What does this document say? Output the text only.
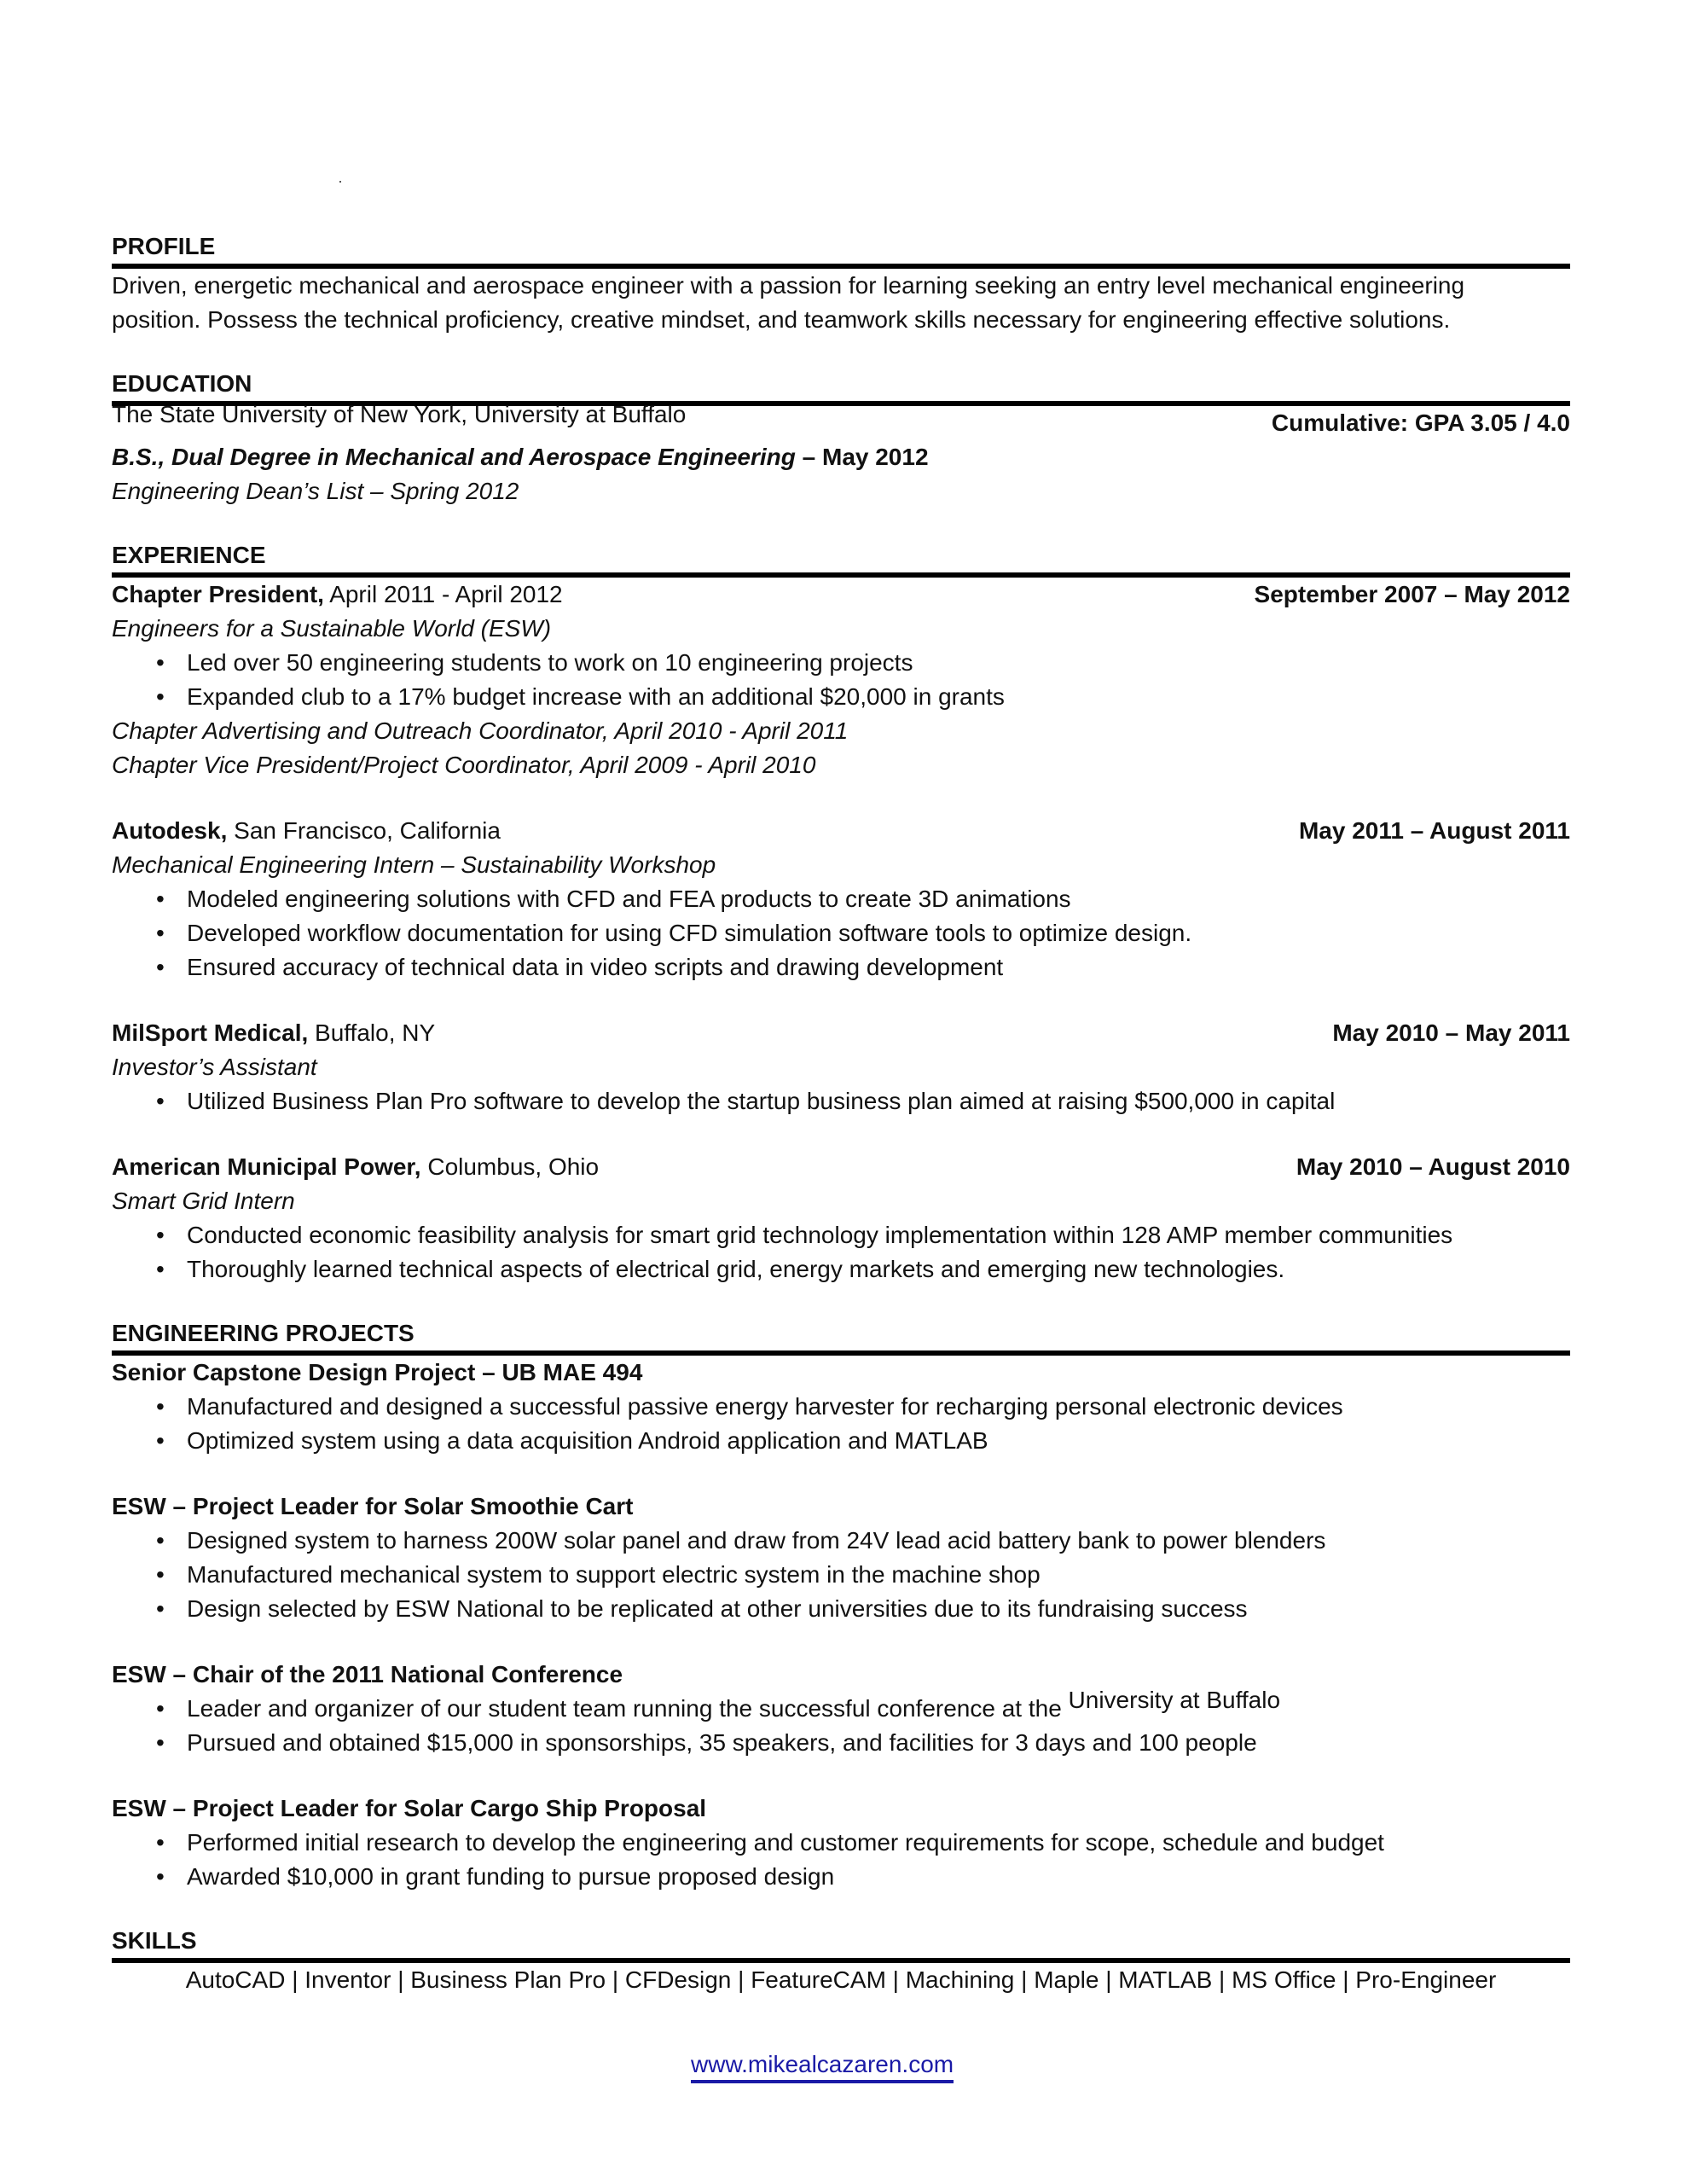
PROFILE
Driven, energetic mechanical and aerospace engineer with a passion for learning seeking an entry level mechanical engineering
position. Possess the technical proficiency, creative mindset, and teamwork skills necessary for engineering effective solutions.
EDUCATION
The State University of New York, University at Buffalo	Cumulative: GPA 3.05 / 4.0
B.S., Dual Degree in Mechanical and Aerospace Engineering – May 2012
Engineering Dean’s List – Spring 2012
EXPERIENCE
Chapter President, April 2011 - April 2012	September 2007 – May 2012
Engineers for a Sustainable World (ESW)
• Led over 50 engineering students to work on 10 engineering projects
• Expanded club to a 17% budget increase with an additional $20,000 in grants
Chapter Advertising and Outreach Coordinator, April 2010 - April 2011
Chapter Vice President/Project Coordinator, April 2009 - April 2010
Autodesk, San Francisco, California	May 2011 – August 2011
Mechanical Engineering Intern – Sustainability Workshop
• Modeled engineering solutions with CFD and FEA products to create 3D animations
• Developed workflow documentation for using CFD simulation software tools to optimize design.
• Ensured accuracy of technical data in video scripts and drawing development
MilSport Medical, Buffalo, NY	May 2010 – May 2011
Investor’s Assistant
• Utilized Business Plan Pro software to develop the startup business plan aimed at raising $500,000 in capital
American Municipal Power, Columbus, Ohio	May 2010 – August 2010
Smart Grid Intern
• Conducted economic feasibility analysis for smart grid technology implementation within 128 AMP member communities
• Thoroughly learned technical aspects of electrical grid, energy markets and emerging new technologies.
ENGINEERING PROJECTS
Senior Capstone Design Project – UB MAE 494
• Manufactured and designed a successful passive energy harvester for recharging personal electronic devices
• Optimized system using a data acquisition Android application and MATLAB
ESW – Project Leader for Solar Smoothie Cart
• Designed system to harness 200W solar panel and draw from 24V lead acid battery bank to power blenders
• Manufactured mechanical system to support electric system in the machine shop
• Design selected by ESW National to be replicated at other universities due to its fundraising success
ESW – Chair of the 2011 National Conference
• Leader and organizer of our student team running the successful conference at the University at Buffalo
• Pursued and obtained $15,000 in sponsorships, 35 speakers, and facilities for 3 days and 100 people
ESW – Project Leader for Solar Cargo Ship Proposal
• Performed initial research to develop the engineering and customer requirements for scope, schedule and budget
• Awarded $10,000 in grant funding to pursue proposed design
SKILLS
AutoCAD | Inventor | Business Plan Pro | CFDesign | FeatureCAM | Machining | Maple | MATLAB | MS Office | Pro-Engineer
www.mikealcazaren.com
